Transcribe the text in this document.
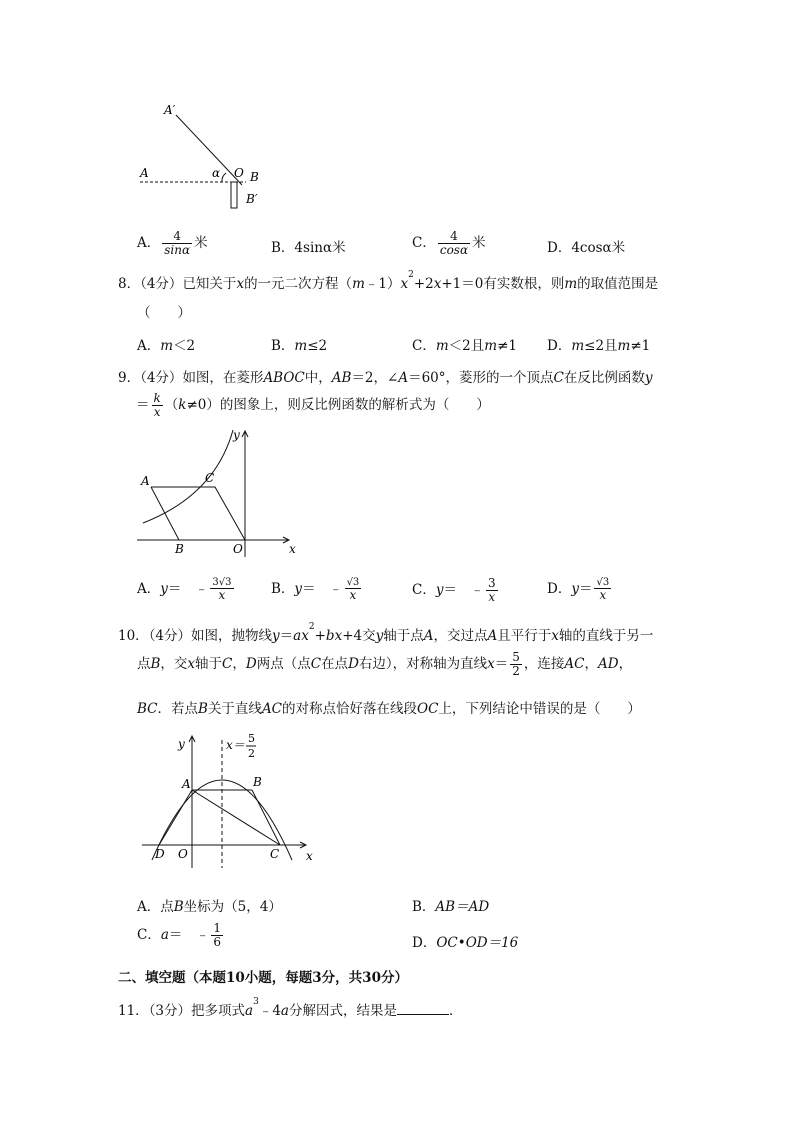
A′
A	α O B
B′
A． $\frac{4}{\sin\alpha}$ 米	B．4sinα米	C． $\frac{4}{\cos\alpha}$ 米	D．4cosα米
8．（4分）已知关于x的一元二次方程$(m﹣1)x^2+2x+1=0$有实数根，则m的取值范围是
（　　）
A．m＜2	B．m≤2	C．m＜2且m≠1 D．m≤2且m≠1
9．（4分）如图，在菱形ABOC中，AB＝2，∠A＝60°，菱形的一个顶点C在反比例函数y
＝ $\frac{k}{x} (k\ne 0)$的图象上，则反比例函数的解析式为（　　）
y
A	C
B	O	x
A．y＝　﹣ $\frac{3√3}{x}$	B．y＝　﹣ $\frac{√3}{x}$	C．y＝　﹣ $\frac{3}{x}$	D．$y= \frac{√3}{x}$
10．（4分）如图，抛物线$y=ax^2+bx+4$交y轴于点A，交过点A且平行于x轴的直线于另一
点B，交x轴于C，D两点（点C在点D右边），对称轴为直线$x= \frac{5}{2}$ ，连接AC，AD，
BC．若点B关于直线AC的对称点恰好落在线段OC上，下列结论中错误的是（　　）
y	x＝ 5
2
A	B
D O	C x
A．点B坐标为（5，4）	B．AB＝AD
C．a＝　﹣ $\frac{1}{6}$	D．OC•OD＝16
二、填空题（本题10小题，每题3分，共30分）
11．（3分）把多项式$a^3﹣4a$分解因式，结果是	．
